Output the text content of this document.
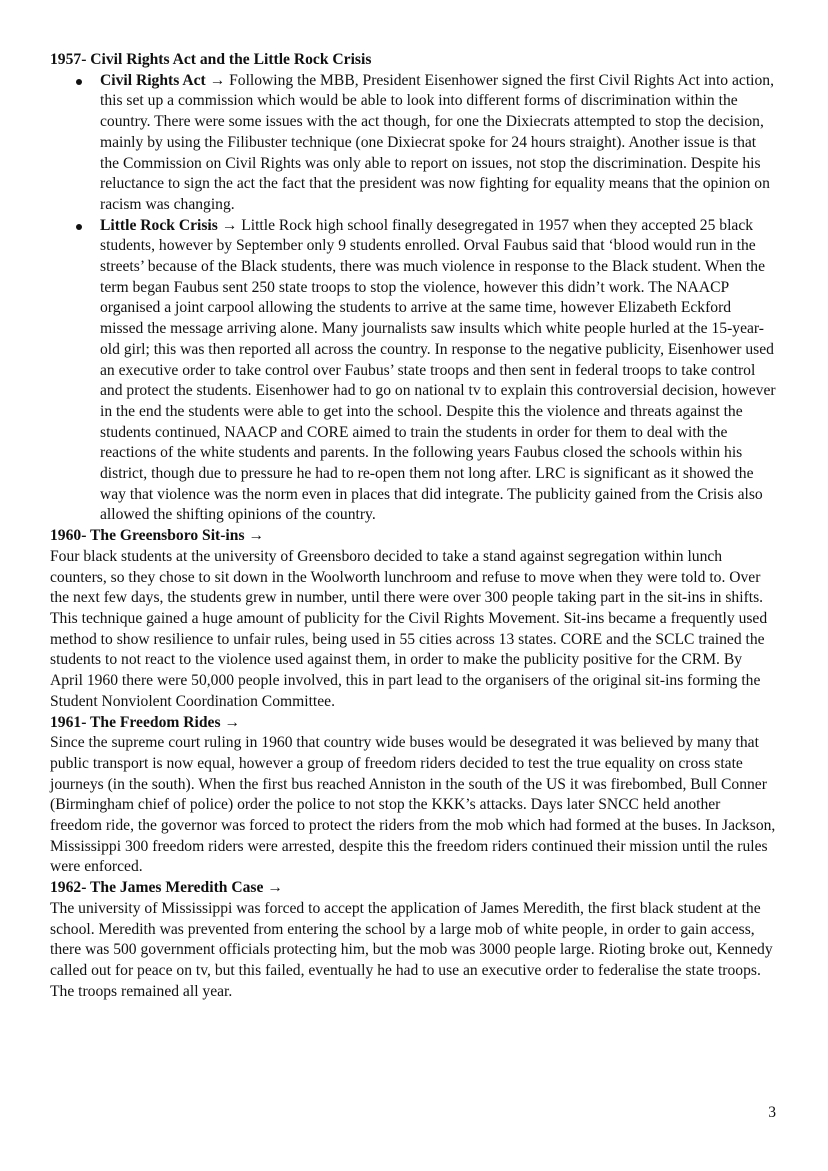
1957- Civil Rights Act and the Little Rock Crisis

Civil Rights Act → Following the MBB, President Eisenhower signed the first Civil Rights Act into action, this set up a commission which would be able to look into different forms of discrimination within the country. There were some issues with the act though, for one the Dixiecrats attempted to stop the decision, mainly by using the Filibuster technique (one Dixiecrat spoke for 24 hours straight). Another issue is that the Commission on Civil Rights was only able to report on issues, not stop the discrimination. Despite his reluctance to sign the act the fact that the president was now fighting for equality means that the opinion on racism was changing.
Little Rock Crisis → Little Rock high school finally desegregated in 1957 when they accepted 25 black students, however by September only 9 students enrolled. Orval Faubus said that ‘blood would run in the streets’ because of the Black students, there was much violence in response to the Black student. When the term began Faubus sent 250 state troops to stop the violence, however this didn’t work. The NAACP organised a joint carpool allowing the students to arrive at the same time, however Elizabeth Eckford missed the message arriving alone. Many journalists saw insults which white people hurled at the 15-year-old girl; this was then reported all across the country. In response to the negative publicity, Eisenhower used an executive order to take control over Faubus’ state troops and then sent in federal troops to take control and protect the students. Eisenhower had to go on national tv to explain this controversial decision, however in the end the students were able to get into the school. Despite this the violence and threats against the students continued, NAACP and CORE aimed to train the students in order for them to deal with the reactions of the white students and parents. In the following years Faubus closed the schools within his district, though due to pressure he had to re-open them not long after. LRC is significant as it showed the way that violence was the norm even in places that did integrate. The publicity gained from the Crisis also allowed the shifting opinions of the country.

1960- The Greensboro Sit-ins →

Four black students at the university of Greensboro decided to take a stand against segregation within lunch counters, so they chose to sit down in the Woolworth lunchroom and refuse to move when they were told to. Over the next few days, the students grew in number, until there were over 300 people taking part in the sit-ins in shifts. This technique gained a huge amount of publicity for the Civil Rights Movement. Sit-ins became a frequently used method to show resilience to unfair rules, being used in 55 cities across 13 states. CORE and the SCLC trained the students to not react to the violence used against them, in order to make the publicity positive for the CRM. By April 1960 there were 50,000 people involved, this in part lead to the organisers of the original sit-ins forming the Student Nonviolent Coordination Committee.

1961- The Freedom Rides →

Since the supreme court ruling in 1960 that country wide buses would be desegrated it was believed by many that public transport is now equal, however a group of freedom riders decided to test the true equality on cross state journeys (in the south). When the first bus reached Anniston in the south of the US it was firebombed, Bull Conner (Birmingham chief of police) order the police to not stop the KKK’s attacks. Days later SNCC held another freedom ride, the governor was forced to protect the riders from the mob which had formed at the buses. In Jackson, Mississippi 300 freedom riders were arrested, despite this the freedom riders continued their mission until the rules were enforced.

1962- The James Meredith Case →

The university of Mississippi was forced to accept the application of James Meredith, the first black student at the school. Meredith was prevented from entering the school by a large mob of white people, in order to gain access, there was 500 government officials protecting him, but the mob was 3000 people large. Rioting broke out, Kennedy called out for peace on tv, but this failed, eventually he had to use an executive order to federalise the state troops. The troops remained all year.

3
